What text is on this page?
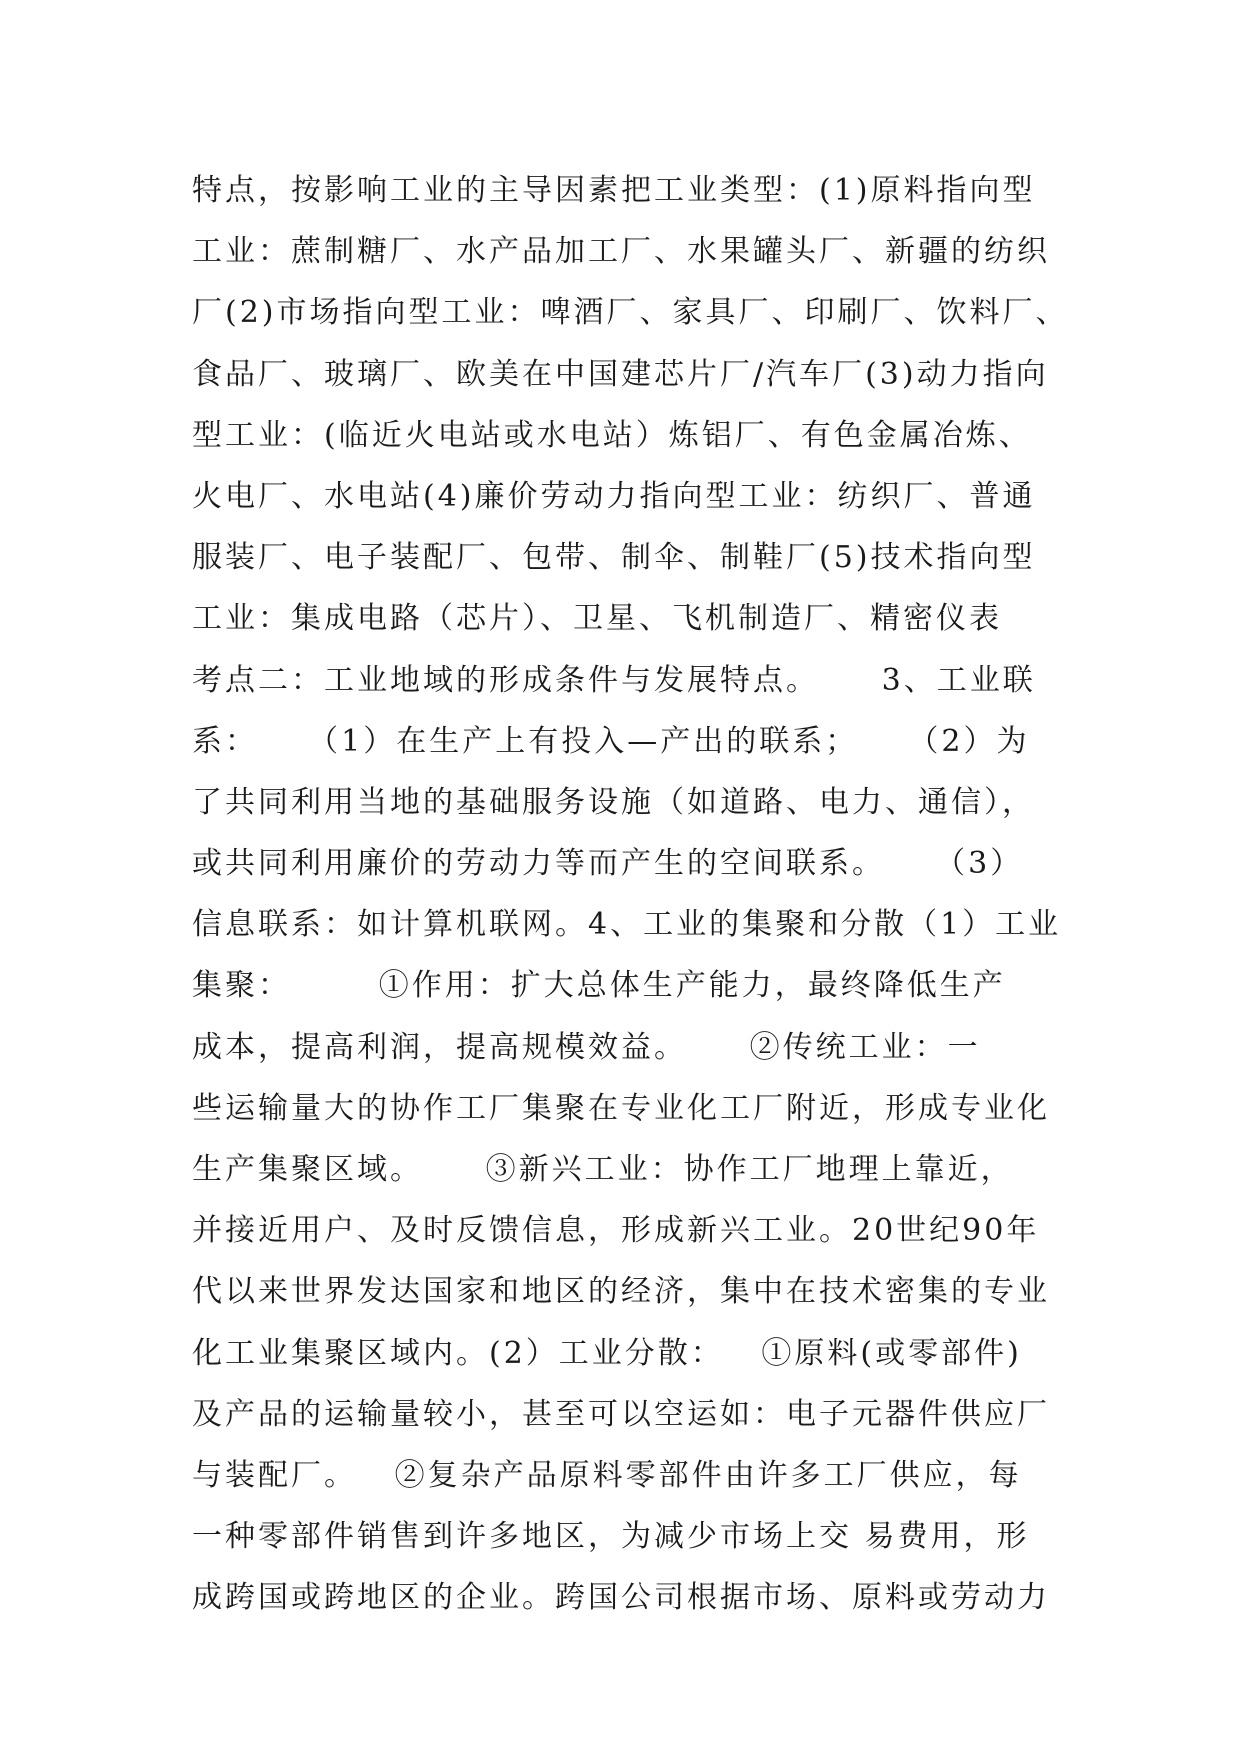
特点，按影响工业的主导因素把工业类型：(1)原料指向型
工业：蔗制糖厂、水产品加工厂、水果罐头厂、新疆的纺织
厂(2)市场指向型工业：啤酒厂、家具厂、印刷厂、饮料厂、
食品厂、玻璃厂、欧美在中国建芯片厂/汽车厂(3)动力指向
型工业：(临近火电站或水电站）炼铝厂、有色金属冶炼、
火电厂、水电站(4)廉价劳动力指向型工业：纺织厂、普通
服装厂、电子装配厂、包带、制伞、制鞋厂(5)技术指向型
工业：集成电路（芯片）、卫星、飞机制造厂、精密仪表
考点二：工业地域的形成条件与发展特点。     3、工业联
系：    （1）在生产上有投入—产出的联系；    （2）为
了共同利用当地的基础服务设施（如道路、电力、通信），
或共同利用廉价的劳动力等而产生的空间联系。    （3）
信息联系：如计算机联网。4、工业的集聚和分散（1）工业
集聚：       ①作用：扩大总体生产能力，最终降低生产
成本，提高利润，提高规模效益。     ②传统工业：一
些运输量大的协作工厂集聚在专业化工厂附近，形成专业化
生产集聚区域。     ③新兴工业：协作工厂地理上靠近，
并接近用户、及时反馈信息，形成新兴工业。20世纪90年
代以来世界发达国家和地区的经济，集中在技术密集的专业
化工业集聚区域内。(2）工业分散：   ①原料(或零部件)
及产品的运输量较小，甚至可以空运如：电子元器件供应厂
与装配厂。   ②复杂产品原料零部件由许多工厂供应，每
一种零部件销售到许多地区，为减少市场上交 易费用，形
成跨国或跨地区的企业。跨国公司根据市场、原料或劳动力
